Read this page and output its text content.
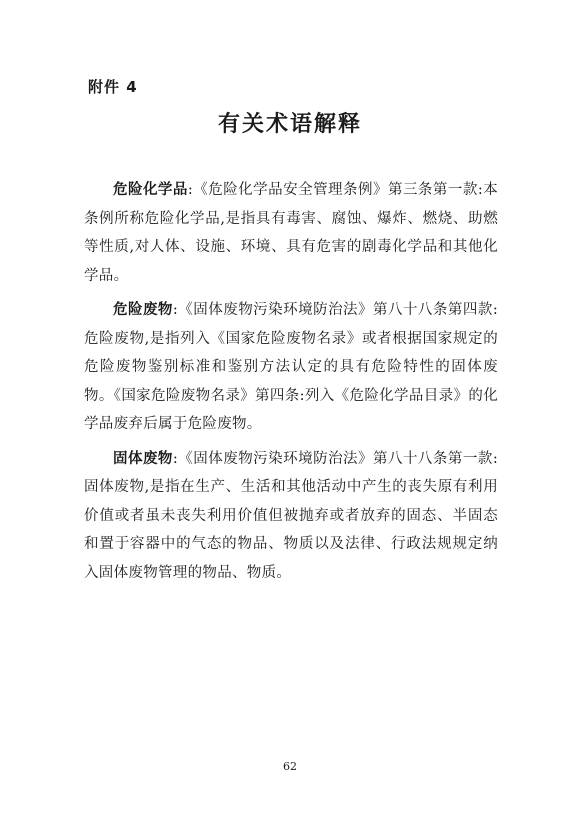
附件 4
有关术语解释

危险化学品:《危险化学品安全管理条例》第三条第一款:本条例所称危险化学品,是指具有毒害、腐蚀、爆炸、燃烧、助燃等性质,对人体、设施、环境、具有危害的剧毒化学品和其他化学品。

危险废物:《固体废物污染环境防治法》第八十八条第四款:危险废物,是指列入《国家危险废物名录》或者根据国家规定的危险废物鉴别标准和鉴别方法认定的具有危险特性的固体废物。《国家危险废物名录》第四条:列入《危险化学品目录》的化学品废弃后属于危险废物。

固体废物:《固体废物污染环境防治法》第八十八条第一款:固体废物,是指在生产、生活和其他活动中产生的丧失原有利用价值或者虽未丧失利用价值但被抛弃或者放弃的固态、半固态和置于容器中的气态的物品、物质以及法律、行政法规规定纳入固体废物管理的物品、物质。

62
